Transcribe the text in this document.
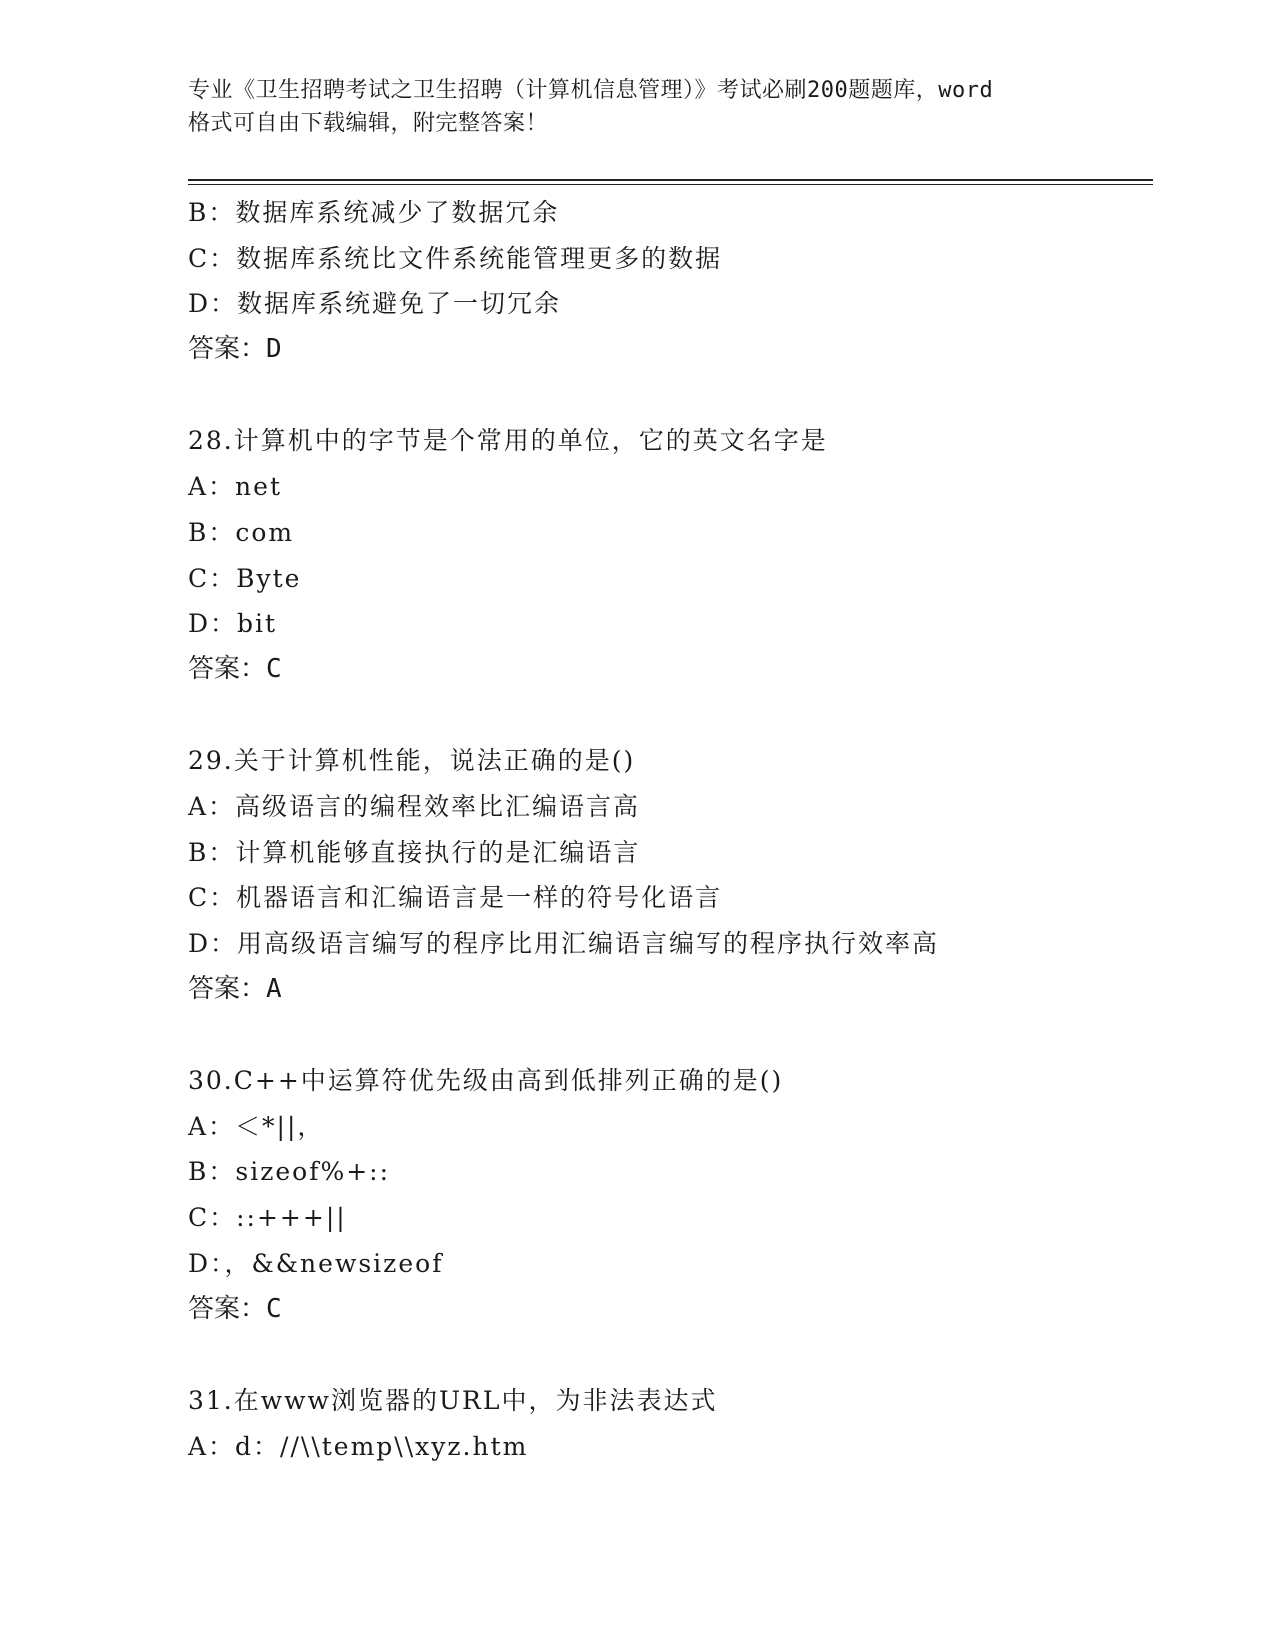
专业《卫生招聘考试之卫生招聘（计算机信息管理）》考试必刷200题题库，word
格式可自由下载编辑，附完整答案！
B：数据库系统减少了数据冗余
C：数据库系统比文件系统能管理更多的数据
D：数据库系统避免了一切冗余
答案：D
28.计算机中的字节是个常用的单位，它的英文名字是
A：net
B：com
C：Byte
D：bit
答案：C
29.关于计算机性能，说法正确的是()
A：高级语言的编程效率比汇编语言高
B：计算机能够直接执行的是汇编语言
C：机器语言和汇编语言是一样的符号化语言
D：用高级语言编写的程序比用汇编语言编写的程序执行效率高
答案：A
30.C++中运算符优先级由高到低排列正确的是()
A：＜*||，
B：sizeof%+::
C：::+++||
D：，&&newsizeof
答案：C
31.在www浏览器的URL中，为非法表达式
A：d：//\\temp\\xyz.htm
